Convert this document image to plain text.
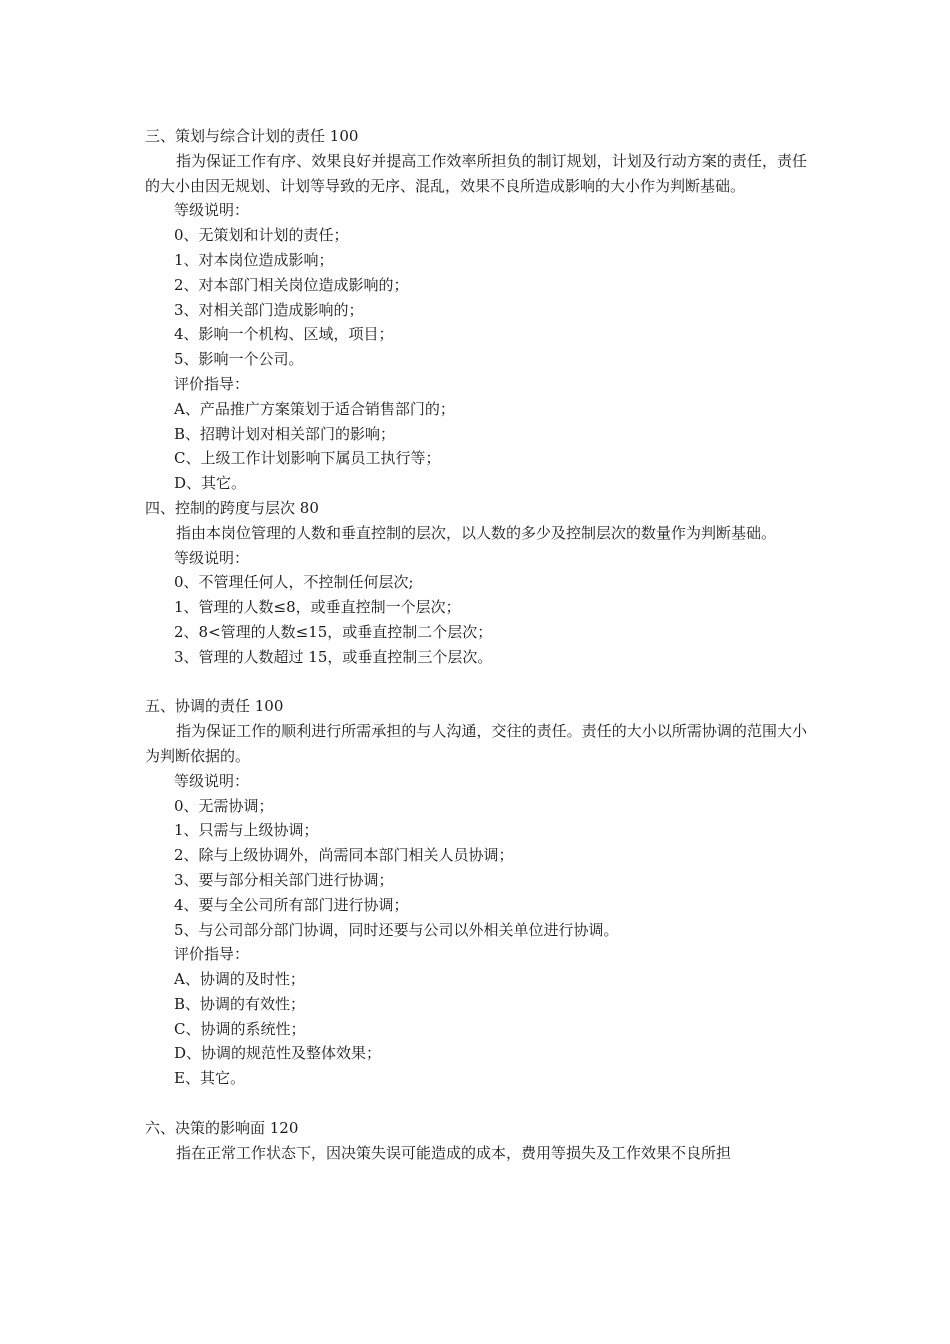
三、策划与综合计划的责任 100
指为保证工作有序、效果良好并提高工作效率所担负的制订规划，计划及行动方案的责任，责任的大小由因无规划、计划等导致的无序、混乱，效果不良所造成影响的大小作为判断基础。
等级说明：
0、无策划和计划的责任；
1、对本岗位造成影响；
2、对本部门相关岗位造成影响的；
3、对相关部门造成影响的；
4、影响一个机构、区域，项目；
5、影响一个公司。
评价指导：
A、产品推广方案策划于适合销售部门的；
B、招聘计划对相关部门的影响；
C、上级工作计划影响下属员工执行等；
D、其它。
四、控制的跨度与层次 80
指由本岗位管理的人数和垂直控制的层次，以人数的多少及控制层次的数量作为判断基础。
等级说明：
0、不管理任何人，不控制任何层次;
1、管理的人数≤8，或垂直控制一个层次；
2、8<管理的人数≤15，或垂直控制二个层次；
3、管理的人数超过 15，或垂直控制三个层次。
五、协调的责任 100
指为保证工作的顺利进行所需承担的与人沟通，交往的责任。责任的大小以所需协调的范围大小为判断依据的。
等级说明：
0、无需协调；
1、只需与上级协调；
2、除与上级协调外，尚需同本部门相关人员协调；
3、要与部分相关部门进行协调；
4、要与全公司所有部门进行协调；
5、与公司部分部门协调，同时还要与公司以外相关单位进行协调。
评价指导：
A、协调的及时性；
B、协调的有效性；
C、协调的系统性；
D、协调的规范性及整体效果；
E、其它。
六、决策的影响面 120
指在正常工作状态下，因决策失误可能造成的成本，费用等损失及工作效果不良所担
